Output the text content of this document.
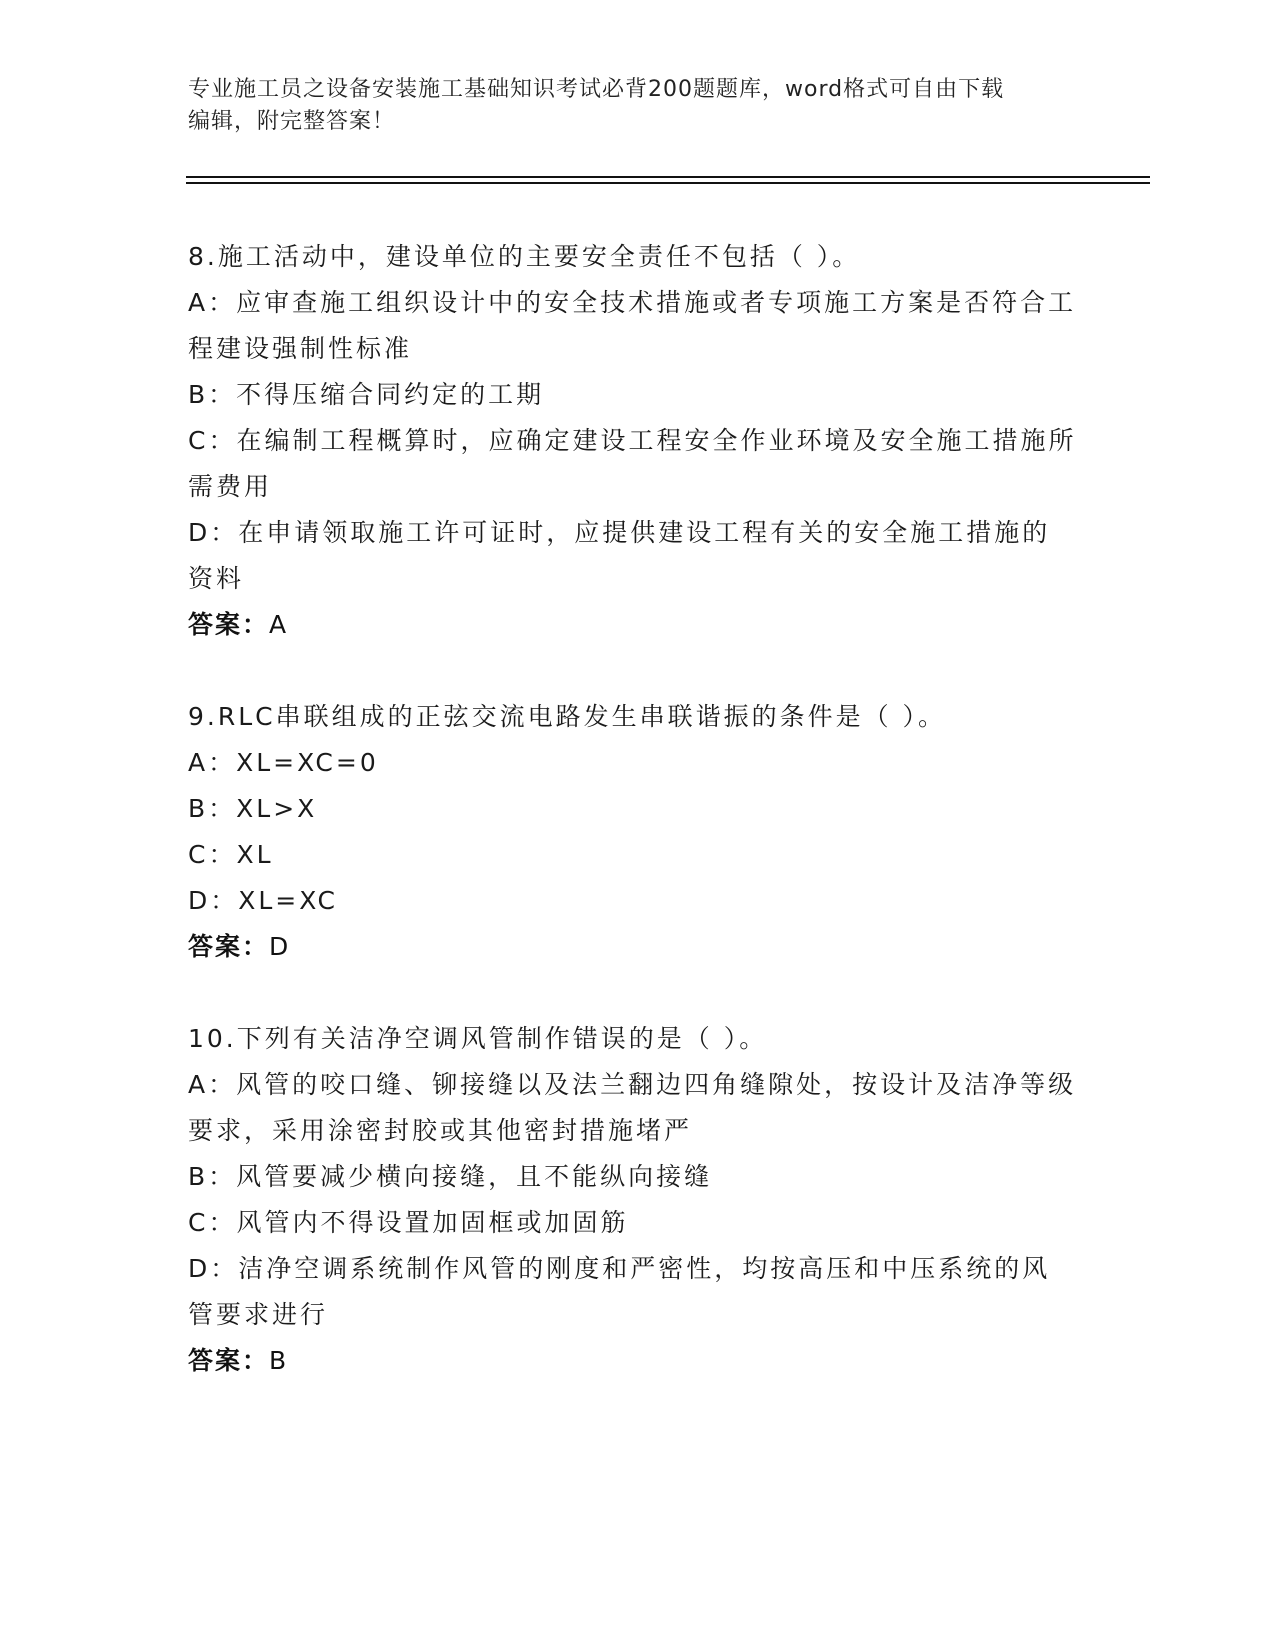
专业施工员之设备安装施工基础知识考试必背200题题库，word格式可自由下载
编辑，附完整答案！

8.施工活动中，建设单位的主要安全责任不包括（ ）。

A：应审查施工组织设计中的安全技术措施或者专项施工方案是否符合工程建设强制性标准

B：不得压缩合同约定的工期

C：在编制工程概算时，应确定建设工程安全作业环境及安全施工措施所需费用

D：在申请领取施工许可证时，应提供建设工程有关的安全施工措施的资料

答案：A

9.RLC串联组成的正弦交流电路发生串联谐振的条件是（ ）。

A：XL=XC=0

B：XL>X

C：XL

D：XL=XC

答案：D

10.下列有关洁净空调风管制作错误的是（ ）。

A：风管的咬口缝、铆接缝以及法兰翻边四角缝隙处，按设计及洁净等级要求，采用涂密封胶或其他密封措施堵严

B：风管要减少横向接缝，且不能纵向接缝

C：风管内不得设置加固框或加固筋

D：洁净空调系统制作风管的刚度和严密性，均按高压和中压系统的风管要求进行

答案：B
